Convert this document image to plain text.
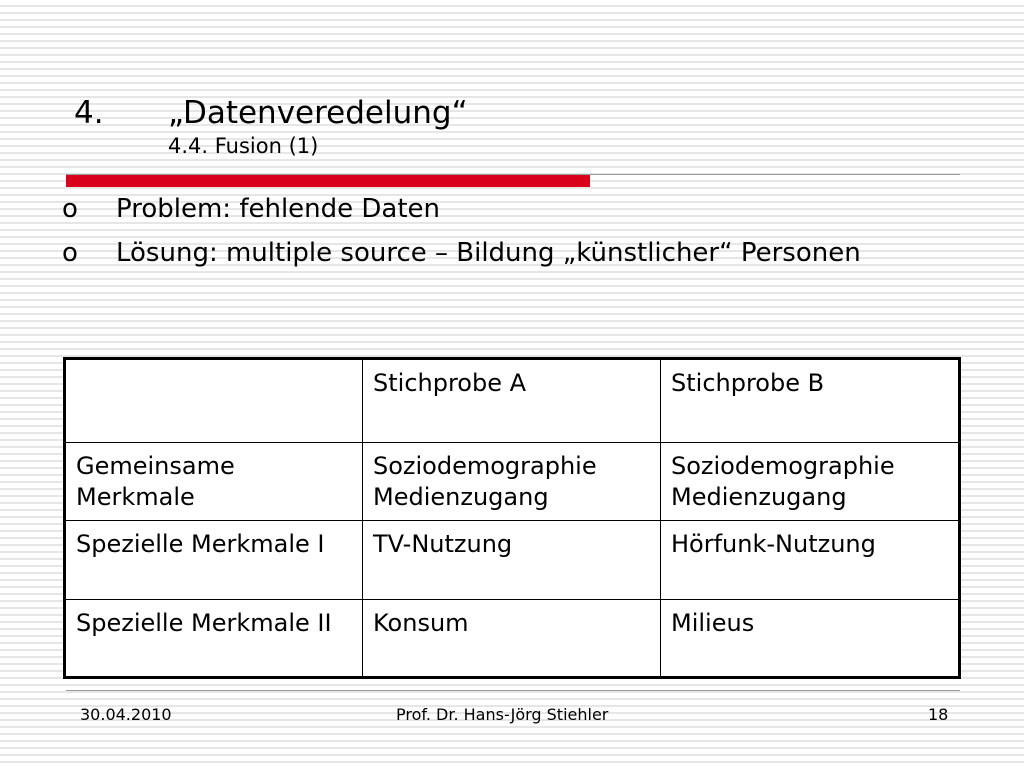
4.	„Datenveredelung“
4.4. Fusion (1)
o	Problem: fehlende Daten
o	Lösung: multiple source – Bildung „künstlicher“ Personen
	Stichprobe A	Stichprobe B
Gemeinsame Merkmale	Soziodemographie Medienzugang	Soziodemographie Medienzugang
Spezielle Merkmale I	TV-Nutzung	Hörfunk-Nutzung
Spezielle Merkmale II	Konsum	Milieus
30.04.2010	Prof. Dr. Hans-Jörg Stiehler	18
